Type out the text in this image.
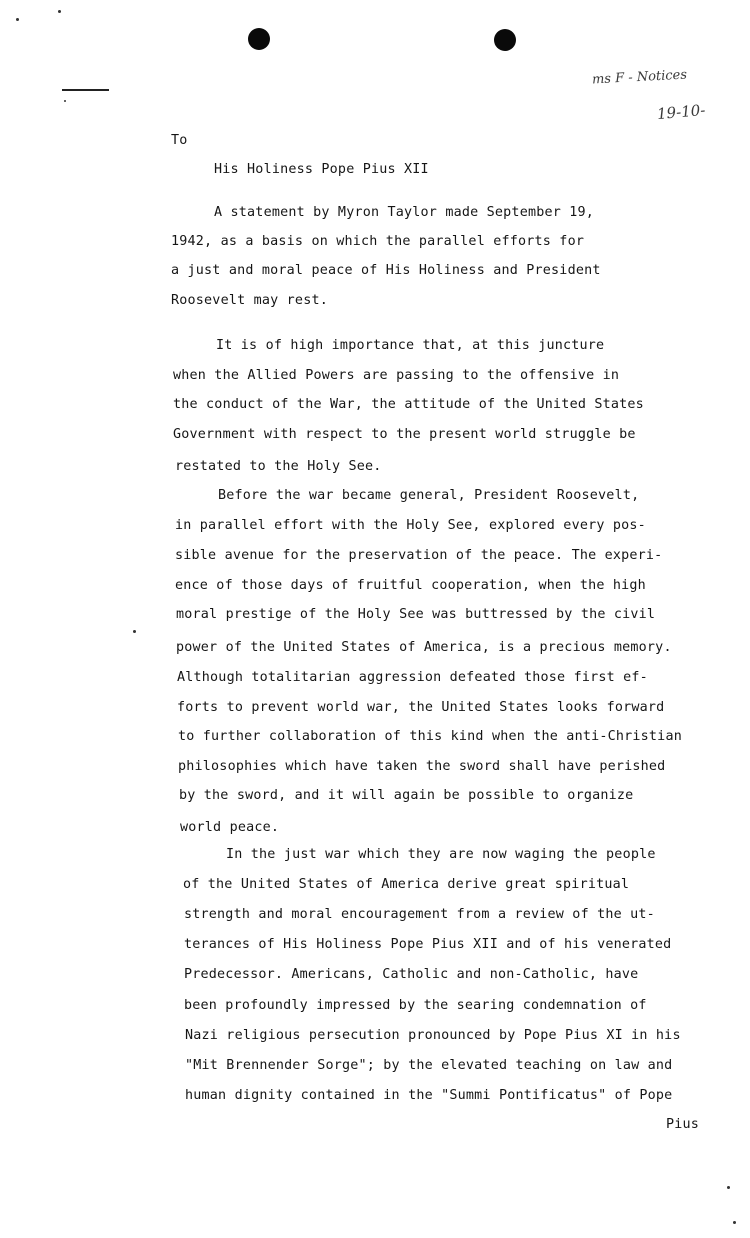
ms F - Notices
19-10-
To
His Holiness Pope Pius XII
A statement by Myron Taylor made September 19,
1942, as a basis on which the parallel efforts for
a just and moral peace of His Holiness and President
Roosevelt may rest.
It is of high importance that, at this juncture
when the Allied Powers are passing to the offensive in
the conduct of the War, the attitude of the United States
Government with respect to the present world struggle be
restated to the Holy See.
Before the war became general, President Roosevelt,
in parallel effort with the Holy See, explored every pos-
sible avenue for the preservation of the peace. The experi-
ence of those days of fruitful cooperation, when the high
moral prestige of the Holy See was buttressed by the civil
power of the United States of America, is a precious memory.
Although totalitarian aggression defeated those first ef-
forts to prevent world war, the United States looks forward
to further collaboration of this kind when the anti-Christian
philosophies which have taken the sword shall have perished
by the sword, and it will again be possible to organize
world peace.
In the just war which they are now waging the people
of the United States of America derive great spiritual
strength and moral encouragement from a review of the ut-
terances of His Holiness Pope Pius XII and of his venerated
Predecessor. Americans, Catholic and non-Catholic, have
been profoundly impressed by the searing condemnation of
Nazi religious persecution pronounced by Pope Pius XI in his
"Mit Brennender Sorge"; by the elevated teaching on law and
human dignity contained in the "Summi Pontificatus" of Pope
Pius
